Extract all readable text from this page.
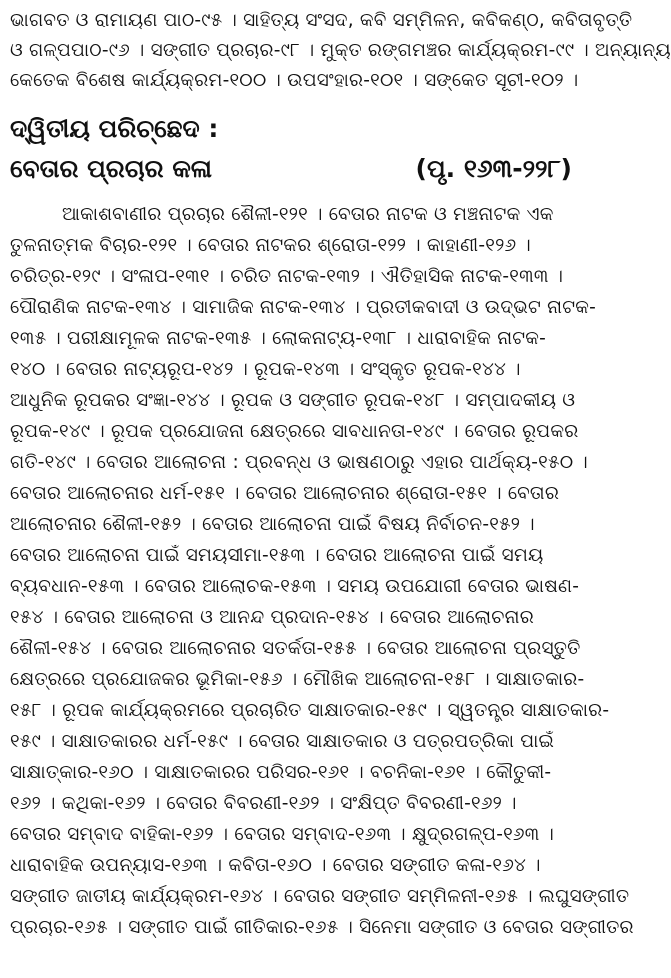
ଭାଗବତ ଓ ରାମାୟଣ ପାଠ-୯୫ । ସାହିତ୍ୟ ସଂସଦ, କବି ସମ୍ମିଳନ, କବିକଣ୍ଠ, କବିତାବୃତ୍ତି
ଓ ଗଳ୍ପପାଠ-୯୬ । ସଙ୍ଗୀତ ପ୍ରଚାର-୯୮ । ମୁକ୍ତ ରଙ୍ଗମଞ୍ଚର କାର୍ଯ୍ୟକ୍ରମ-୯୯ । ଅନ୍ୟାନ୍ୟ
କେତେକ ବିଶେଷ କାର୍ଯ୍ୟକ୍ରମ-୧୦୦ । ଉପସଂହାର-୧୦୧ । ସଙ୍କେତ ସୂଚୀ-୧୦୨ ।
ଦ୍ୱିତୀୟ ପରିଚ୍ଛେଦ :
ବେତାର ପ୍ରଚାର କଳା	(ପୃ. ୧୬୩-୨୨୮)
ଆକାଶବାଣୀର ପ୍ରଚାର ଶୈଳୀ-୧୨୧ । ବେତାର ନାଟକ ଓ ମଞ୍ଚନାଟକ ଏକ
ତୁଳନାତ୍ମକ ବିଚାର-୧୨୧ । ବେତାର ନାଟକର ଶ୍ରୋତା-୧୨୨ । କାହାଣୀ-୧୨୬ ।
ଚରିତ୍ର-୧୨୯ । ସଂଳାପ-୧୩୧ । ଚରିତ ନାଟକ-୧୩୨ । ଐତିହାସିକ ନାଟକ-୧୩୩ ।
ପୌରାଣିକ ନାଟକ-୧୩୪ । ସାମାଜିକ ନାଟକ-୧୩୪ । ପ୍ରତୀକବାଦୀ ଓ ଉଦ୍ଭଟ ନାଟକ-
୧୩୫ । ପରୀକ୍ଷାମୂଳକ ନାଟକ-୧୩୫ । ଲୋକନାଟ୍ୟ-୧୩୮ । ଧାରାବାହିକ ନାଟକ-
୧୪୦ । ବେତାର ନାଟ୍ୟରୂପ-୧୪୨ । ରୂପକ-୧୪୩ । ସଂସ୍କୃତ ରୂପକ-୧୪୪ ।
ଆଧୁନିକ ରୂପକର ସଂଜ୍ଞା-୧୪୪ । ରୂପକ ଓ ସଙ୍ଗୀତ ରୂପକ-୧୪୮ । ସମ୍ପାଦକୀୟ ଓ
ରୂପକ-୧୪୯ । ରୂପକ ପ୍ରଯୋଜନା କ୍ଷେତ୍ରରେ ସାବଧାନତା-୧୪୯ । ବେତାର ରୂପକର
ଗତି-୧୪୯ । ବେତାର ଆଲୋଚନା : ପ୍ରବନ୍ଧ ଓ ଭାଷଣଠାରୁ ଏହାର ପାର୍ଥକ୍ୟ-୧୫୦ ।
ବେତାର ଆଲୋଚନାର ଧର୍ମ-୧୫୧ । ବେତାର ଆଲୋଚନାର ଶ୍ରୋତା-୧୫୧ । ବେତାର
ଆଲୋଚନାର ଶୈଳୀ-୧୫୨ । ବେତାର ଆଲୋଚନା ପାଇଁ ବିଷୟ ନିର୍ବାଚନ-୧୫୨ ।
ବେତାର ଆଲୋଚନା ପାଇଁ ସମୟସୀମା-୧୫୩ । ବେତାର ଆଲୋଚନା ପାଇଁ ସମୟ
ବ୍ୟବଧାନ-୧୫୩ । ବେତାର ଆଲୋଚକ-୧୫୩ । ସମୟ ଉପଯୋଗୀ ବେତାର ଭାଷଣ-
୧୫୪ । ବେତାର ଆଲୋଚନା ଓ ଆନନ୍ଦ ପ୍ରଦାନ-୧୫୪ । ବେତାର ଆଲୋଚନାର
ଶୈଳୀ-୧୫୪ । ବେତାର ଆଲୋଚନାର ସତର୍କତା-୧୫୫ । ବେତାର ଆଲୋଚନା ପ୍ରସ୍ତୁତି
କ୍ଷେତ୍ରରେ ପ୍ରଯୋଜକର ଭୂମିକା-୧୫୬ । ମୌଖିକ ଆଲୋଚନା-୧୫୮ । ସାକ୍ଷାତକାର-
୧୫୮ । ରୂପକ କାର୍ଯ୍ୟକ୍ରମରେ ପ୍ରଚାରିତ ସାକ୍ଷାତକାର-୧୫୯ । ସ୍ୱତନ୍ତ୍ର ସାକ୍ଷାତକାର-
୧୫୯ । ସାକ୍ଷାତକାରର ଧର୍ମ-୧୫୯ । ବେତାର ସାକ୍ଷାତକାର ଓ ପତ୍ରପତ୍ରିକା ପାଇଁ
ସାକ୍ଷାତ୍କାର-୧୬୦ । ସାକ୍ଷାତକାରର ପରିସର-୧୬୧ । ବଚନିକା-୧୬୧ । କୌତୁକୀ-
୧୬୨ । କଥିକା-୧୬୨ । ବେତାର ବିବରଣୀ-୧୬୨ । ସଂକ୍ଷିପ୍ତ ବିବରଣୀ-୧୬୨ ।
ବେତାର ସମ୍ବାଦ ବାହିକା-୧୬୨ । ବେତାର ସମ୍ବାଦ-୧୬୩ । କ୍ଷୁଦ୍ରଗଳ୍ପ-୧୬୩ ।
ଧାରାବାହିକ ଉପନ୍ୟାସ-୧୬୩ । କବିତା-୧୬୦ । ବେତାର ସଙ୍ଗୀତ କଳା-୧୬୪ ।
ସଙ୍ଗୀତ ଜାତୀୟ କାର୍ଯ୍ୟକ୍ରମ-୧୬୪ । ବେତାର ସଙ୍ଗୀତ ସମ୍ମିଳନୀ-୧୬୫ । ଲଘୁସଙ୍ଗୀତ
ପ୍ରଚାର-୧୬୫ । ସଙ୍ଗୀତ ପାଇଁ ଗୀତିକାର-୧୬୫ । ସିନେମା ସଙ୍ଗୀତ ଓ ବେତାର ସଙ୍ଗୀତର
